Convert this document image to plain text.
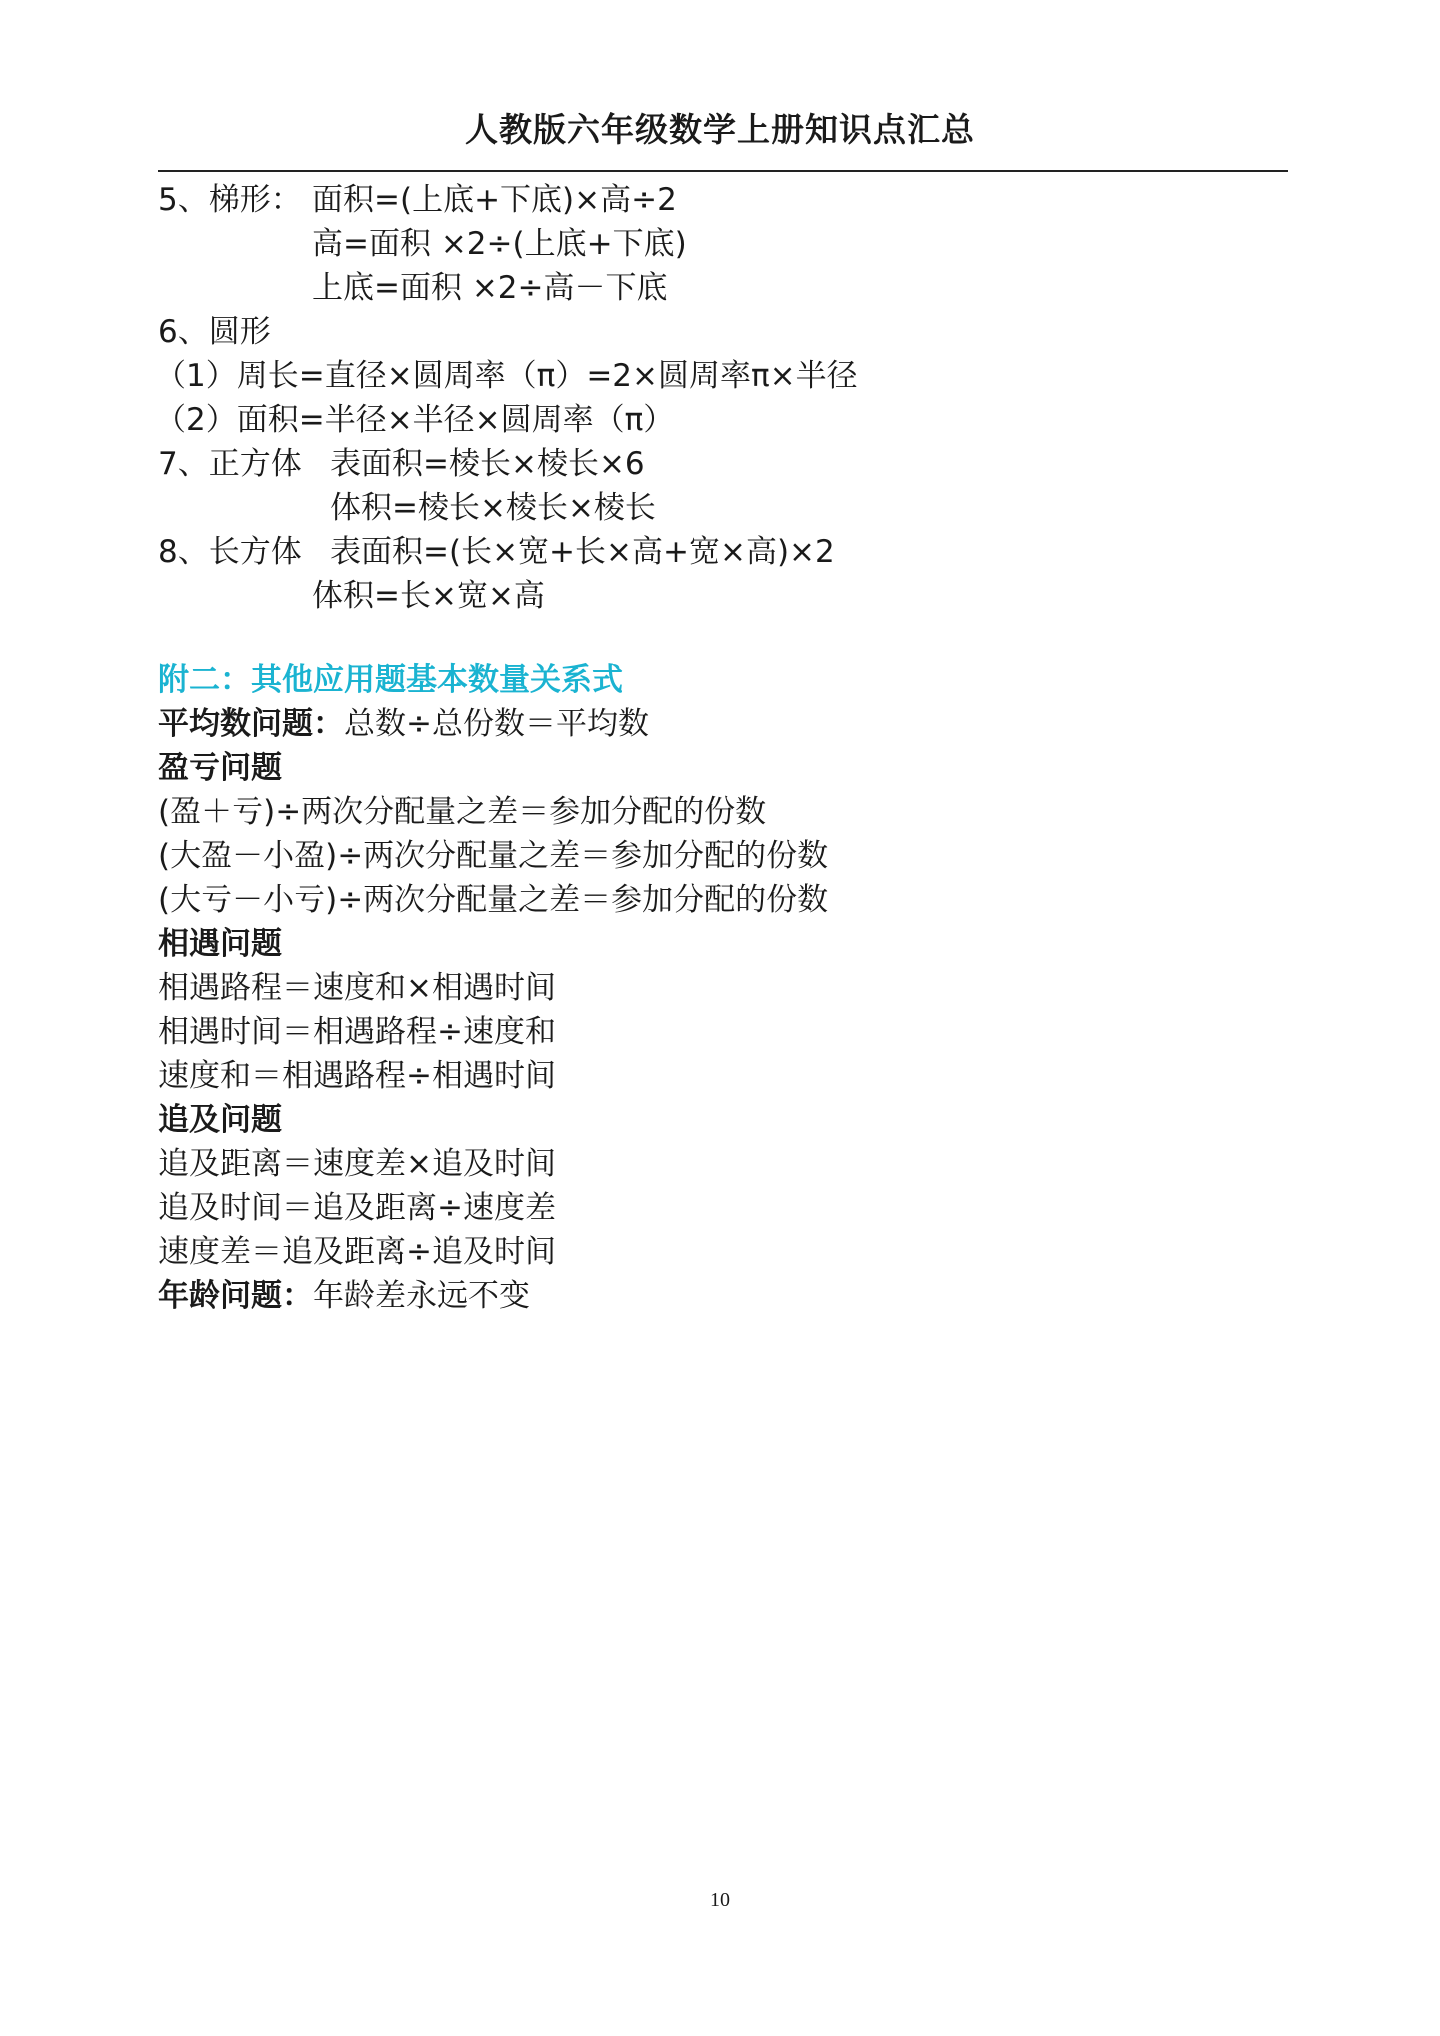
人教版六年级数学上册知识点汇总
5、梯形： 面积=(上底+下底)×高÷2
高=面积 ×2÷(上底+下底)
上底=面积 ×2÷高－下底
6、圆形
（1）周长=直径×圆周率（π）=2×圆周率π×半径
（2）面积=半径×半径×圆周率（π）
7、正方体 表面积=棱长×棱长×6
体积=棱长×棱长×棱长
8、长方体 表面积=(长×宽+长×高+宽×高)×2
体积=长×宽×高
附二：其他应用题基本数量关系式
平均数问题：总数÷总份数＝平均数
盈亏问题
(盈＋亏)÷两次分配量之差＝参加分配的份数
(大盈－小盈)÷两次分配量之差＝参加分配的份数
(大亏－小亏)÷两次分配量之差＝参加分配的份数
相遇问题
相遇路程＝速度和×相遇时间
相遇时间＝相遇路程÷速度和
速度和＝相遇路程÷相遇时间
追及问题
追及距离＝速度差×追及时间
追及时间＝追及距离÷速度差
速度差＝追及距离÷追及时间
年龄问题：年龄差永远不变
10
